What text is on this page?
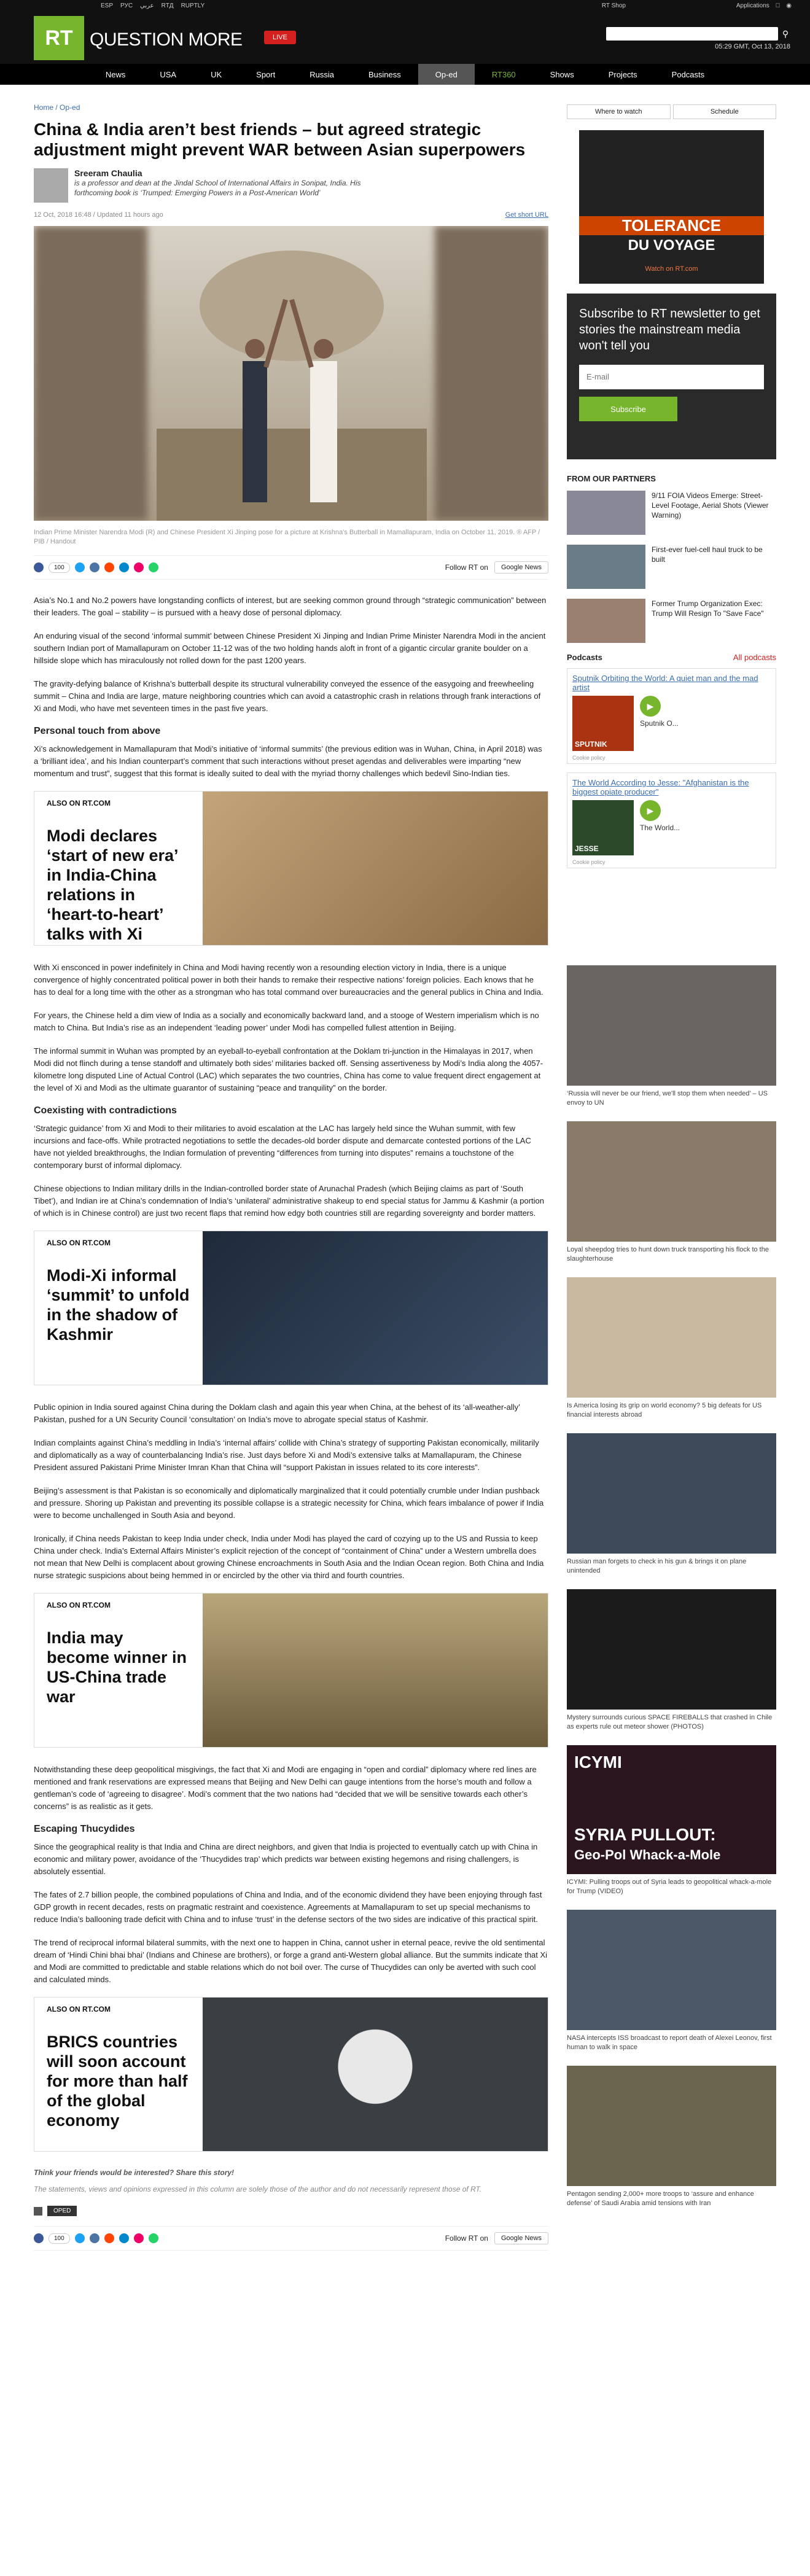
ESP РУС عربي RTД RUPTLY	RT Shop	Applications	◉
RT QUESTION MORE	LIVE	⚲
05:29 GMT, Oct 13, 2018
News	USA	UK	Sport	Russia	Business	Op-ed	RT360	Shows	Projects	Podcasts
Home / Op-ed
China & India aren’t best friends – but agreed strategic adjustment might prevent WAR between Asian superpowers
Sreeram Chaulia
is a professor and dean at the Jindal School of International Affairs in Sonipat, India. His forthcoming book is ‘Trumped: Emerging Powers in a Post-American World’
12 Oct, 2018 16:48 / Updated 11 hours ago	Get short URL
Indian Prime Minister Narendra Modi (R) and Chinese President Xi Jinping pose for a picture at Krishna's Butterball in Mamallapuram, India on October 11, 2019. ® AFP / PIB / Handout
100	Follow RT on	Google News

Asia’s No.1 and No.2 powers have longstanding conflicts of interest, but are seeking common ground through “strategic communication” between their leaders. The goal – stability – is pursued with a heavy dose of personal diplomacy.

An enduring visual of the second ‘informal summit’ between Chinese President Xi Jinping and Indian Prime Minister Narendra Modi in the ancient southern Indian port of Mamallapuram on October 11-12 was of the two holding hands aloft in front of a gigantic circular granite boulder on a hillside slope which has miraculously not rolled down for the past 1200 years.

The gravity-defying balance of Krishna’s butterball despite its structural vulnerability conveyed the essence of the easygoing and freewheeling summit – China and India are large, mature neighboring countries which can avoid a catastrophic crash in relations through frank interactions of Xi and Modi, who have met seventeen times in the past five years.

Personal touch from above

Xi’s acknowledgement in Mamallapuram that Modi’s initiative of ‘informal summits’ (the previous edition was in Wuhan, China, in April 2018) was a ‘brilliant idea’, and his Indian counterpart’s comment that such interactions without preset agendas and deliverables were imparting “new momentum and trust”, suggest that this format is ideally suited to deal with the myriad thorny challenges which bedevil Sino-Indian ties.

ALSO ON RT.COM
Modi declares ‘start of new era’ in India-China relations in ‘heart-to-heart’ talks with Xi

With Xi ensconced in power indefinitely in China and Modi having recently won a resounding election victory in India, there is a unique convergence of highly concentrated political power in both their hands to remake their respective nations’ foreign policies. Each knows that he has to deal for a long time with the other as a strongman who has total command over bureaucracies and the general publics in China and India.

For years, the Chinese held a dim view of India as a socially and economically backward land, and a stooge of Western imperialism which is no match to China. But India’s rise as an independent ‘leading power’ under Modi has compelled fullest attention in Beijing.

The informal summit in Wuhan was prompted by an eyeball-to-eyeball confrontation at the Doklam tri-junction in the Himalayas in 2017, when Modi did not flinch during a tense standoff and ultimately both sides’ militaries backed off. Sensing assertiveness by Modi’s India along the 4057-kilometre long disputed Line of Actual Control (LAC) which separates the two countries, China has come to value frequent direct engagement at the level of Xi and Modi as the ultimate guarantor of sustaining “peace and tranquility” on the border.

Coexisting with contradictions

‘Strategic guidance’ from Xi and Modi to their militaries to avoid escalation at the LAC has largely held since the Wuhan summit, with few incursions and face-offs. While protracted negotiations to settle the decades-old border dispute and demarcate contested portions of the LAC have not yielded breakthroughs, the Indian formulation of preventing “differences from turning into disputes” remains a touchstone of the contemporary burst of informal diplomacy.

Chinese objections to Indian military drills in the Indian-controlled border state of Arunachal Pradesh (which Beijing claims as part of ‘South Tibet’), and Indian ire at China’s condemnation of India’s ‘unilateral’ administrative shakeup to end special status for Jammu & Kashmir (a portion of which is in Chinese control) are just two recent flaps that remind how edgy both countries still are regarding sovereignty and border matters.

ALSO ON RT.COM
Modi-Xi informal ‘summit’ to unfold in the shadow of Kashmir

Public opinion in India soured against China during the Doklam clash and again this year when China, at the behest of its ‘all-weather-ally’ Pakistan, pushed for a UN Security Council ‘consultation’ on India’s move to abrogate special status of Kashmir.

Indian complaints against China’s meddling in India’s ‘internal affairs’ collide with China’s strategy of supporting Pakistan economically, militarily and diplomatically as a way of counterbalancing India’s rise. Just days before Xi and Modi’s extensive talks at Mamallapuram, the Chinese President assured Pakistani Prime Minister Imran Khan that China will “support Pakistan in issues related to its core interests”.

Beijing’s assessment is that Pakistan is so economically and diplomatically marginalized that it could potentially crumble under Indian pushback and pressure. Shoring up Pakistan and preventing its possible collapse is a strategic necessity for China, which fears imbalance of power if India were to become unchallenged in South Asia and beyond.

Ironically, if China needs Pakistan to keep India under check, India under Modi has played the card of cozying up to the US and Russia to keep China under check. India’s External Affairs Minister’s explicit rejection of the concept of “containment of China” under a Western umbrella does not mean that New Delhi is complacent about growing Chinese encroachments in South Asia and the Indian Ocean region. Both China and India nurse strategic suspicions about being hemmed in or encircled by the other via third and fourth countries.

ALSO ON RT.COM
India may become winner in US-China trade war

Notwithstanding these deep geopolitical misgivings, the fact that Xi and Modi are engaging in “open and cordial” diplomacy where red lines are mentioned and frank reservations are expressed means that Beijing and New Delhi can gauge intentions from the horse’s mouth and follow a gentleman’s code of ‘agreeing to disagree’. Modi’s comment that the two nations had “decided that we will be sensitive towards each other’s concerns” is as realistic as it gets.

Escaping Thucydides

Since the geographical reality is that India and China are direct neighbors, and given that India is projected to eventually catch up with China in economic and military power, avoidance of the ‘Thucydides trap’ which predicts war between existing hegemons and rising challengers, is absolutely essential.

The fates of 2.7 billion people, the combined populations of China and India, and of the economic dividend they have been enjoying through fast GDP growth in recent decades, rests on pragmatic restraint and coexistence. Agreements at Mamallapuram to set up special mechanisms to reduce India’s ballooning trade deficit with China and to infuse ‘trust’ in the defense sectors of the two sides are indicative of this practical spirit.

The trend of reciprocal informal bilateral summits, with the next one to happen in China, cannot usher in eternal peace, revive the old sentimental dream of ‘Hindi Chini bhai bhai’ (Indians and Chinese are brothers), or forge a grand anti-Western global alliance. But the summits indicate that Xi and Modi are committed to predictable and stable relations which do not boil over. The curse of Thucydides can only be averted with such cool and calculated minds.

ALSO ON RT.COM
BRICS countries will soon account for more than half of the global economy
Think your friends would be interested? Share this story!
The statements, views and opinions expressed in this column are solely those of the author and do not necessarily represent those of RT.
OPED
100	Follow RT on	Google News
Where to watch	Schedule
TOLERANCE
DU VOYAGE
Watch on RT.com
Subscribe to RT newsletter to get stories the mainstream media won't tell you
E-mail
Subscribe
FROM OUR PARTNERS
9/11 FOIA Videos Emerge: Street-Level Footage, Aerial Shots (Viewer Warning)
First-ever fuel-cell haul truck to be built
Former Trump Organization Exec: Trump Will Resign To "Save Face"
Podcasts	All podcasts
Sputnik Orbiting the World: A quiet man and the mad artist
SPUTNIK
▶
Sputnik O...
Cookie policy
The World According to Jesse: "Afghanistan is the biggest opiate producer"
JESSE
▶
The World...
Cookie policy
‘Russia will never be our friend, we'll stop them when needed’ – US envoy to UN
Loyal sheepdog tries to hunt down truck transporting his flock to the slaughterhouse
Is America losing its grip on world economy? 5 big defeats for US financial interests abroad
Russian man forgets to check in his gun & brings it on plane unintended
Mystery surrounds curious SPACE FIREBALLS that crashed in Chile as experts rule out meteor shower (PHOTOS)
ICYMI
SYRIA PULLOUT:
Geo-Pol Whack-a-Mole
ICYMI: Pulling troops out of Syria leads to geopolitical whack-a-mole for Trump (VIDEO)
NASA intercepts ISS broadcast to report death of Alexei Leonov, first human to walk in space
Pentagon sending 2,000+ more troops to ‘assure and enhance defense’ of Saudi Arabia amid tensions with Iran
